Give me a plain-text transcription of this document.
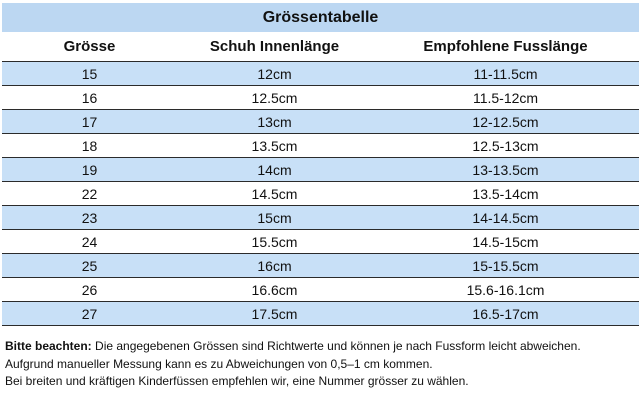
Grössentabelle		
Grösse	Schuh Innenlänge	Empfohlene Fusslänge
15	12cm	11-11.5cm
16	12.5cm	11.5-12cm
17	13cm	12-12.5cm
18	13.5cm	12.5-13cm
19	14cm	13-13.5cm
22	14.5cm	13.5-14cm
23	15cm	14-14.5cm
24	15.5cm	14.5-15cm
25	16cm	15-15.5cm
26	16.6cm	15.6-16.1cm
27	17.5cm	16.5-17cm
Bitte beachten: Die angegebenen Grössen sind Richtwerte und können je nach Fussform leicht abweichen.
Aufgrund manueller Messung kann es zu Abweichungen von 0,5–1 cm kommen.
Bei breiten und kräftigen Kinderfüssen empfehlen wir, eine Nummer grösser zu wählen.
